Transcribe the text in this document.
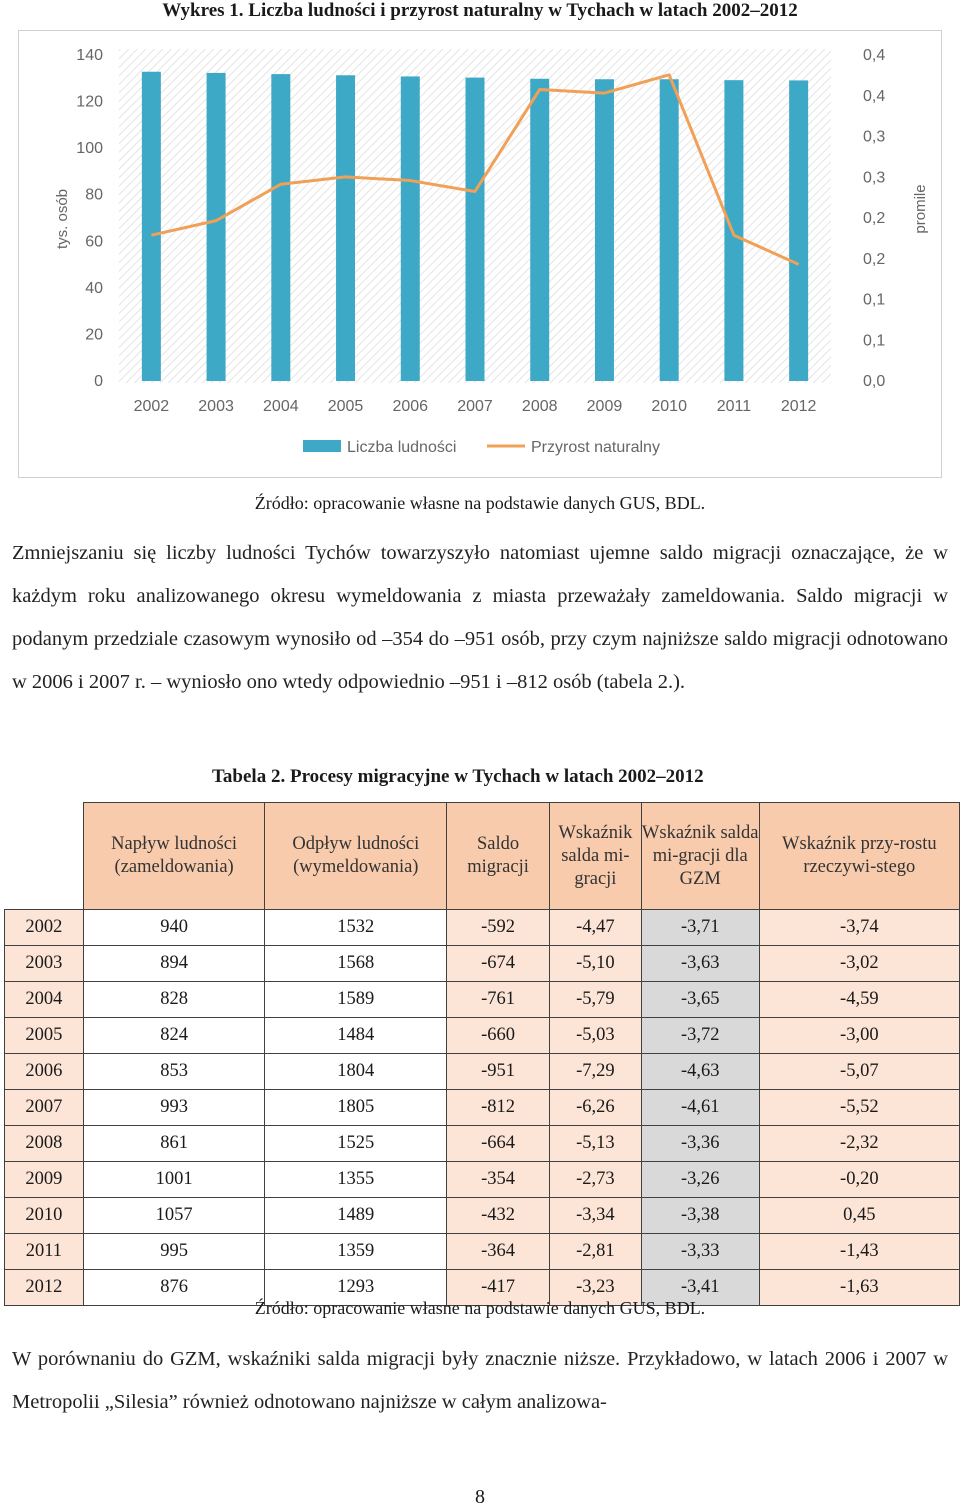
Wykres 1. Liczba ludności i przyrost naturalny w Tychach w latach 2002–2012
140
120
100
80
60
40
20
0
0,4
0,4
0,3
0,3
0,2
0,2
0,1
0,1
0,0
2002 2003 2004 2005 2006 2007 2008 2009 2010 2011 2012
tys. osób	promile
Liczba ludności	Przyrost naturalny
Źródło: opracowanie własne na podstawie danych GUS, BDL.

Zmniejszaniu się liczby ludności Tychów towarzyszyło natomiast ujemne saldo migracji oznaczające, że w każdym roku analizowanego okresu wymeldowania z miasta przeważały zameldowania. Saldo migracji w podanym przedziale czasowym wynosiło od –354 do –951 osób, przy czym najniższe saldo migracji odnotowano w 2006 i 2007 r. – wyniosło ono wtedy odpowiednio –951 i –812 osób (tabela 2.).

Tabela 2. Procesy migracyjne w Tychach w latach 2002–2012
	Napływ ludności (zameldowania)	Odpływ ludności (wymeldowania)	Saldo migracji	Wskaźnik salda mi-gracji	Wskaźnik salda mi-gracji dla GZM	Wskaźnik przy-rostu rzeczywi-stego
2002	940	1532	-592	-4,47	-3,71	-3,74
2003	894	1568	-674	-5,10	-3,63	-3,02
2004	828	1589	-761	-5,79	-3,65	-4,59
2005	824	1484	-660	-5,03	-3,72	-3,00
2006	853	1804	-951	-7,29	-4,63	-5,07
2007	993	1805	-812	-6,26	-4,61	-5,52
2008	861	1525	-664	-5,13	-3,36	-2,32
2009	1001	1355	-354	-2,73	-3,26	-0,20
2010	1057	1489	-432	-3,34	-3,38	0,45
2011	995	1359	-364	-2,81	-3,33	-1,43
2012	876	1293	-417	-3,23	-3,41	-1,63
Źródło: opracowanie własne na podstawie danych GUS, BDL.

W porównaniu do GZM, wskaźniki salda migracji były znacznie niższe. Przykładowo, w latach 2006 i 2007 w Metropolii „Silesia” również odnotowano najniższe w całym analizowa-

8
